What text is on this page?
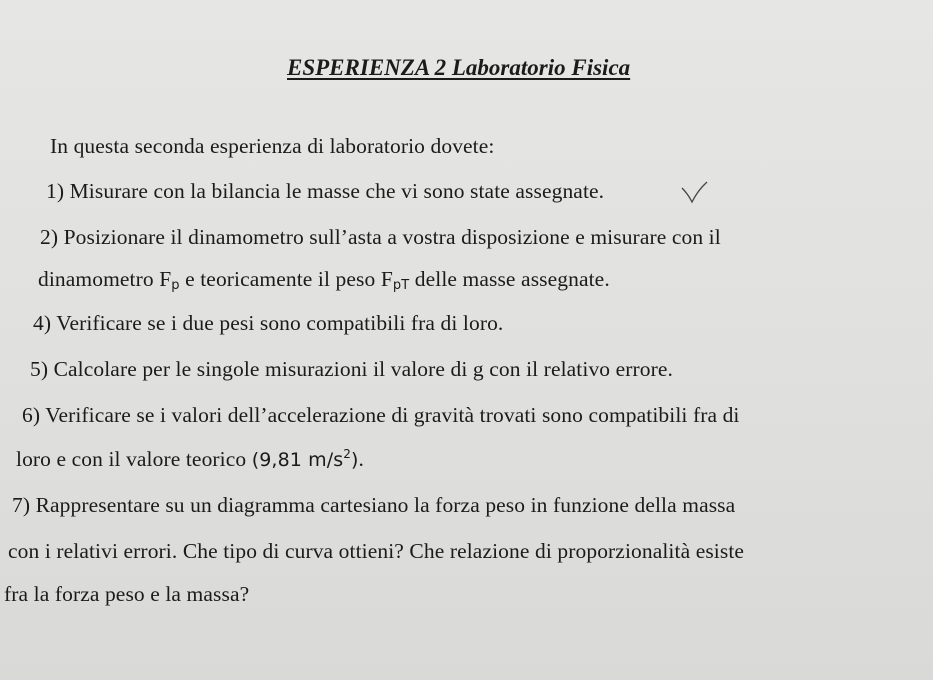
ESPERIENZA 2 Laboratorio Fisica
In questa seconda esperienza di laboratorio dovete:
1) Misurare con la bilancia le masse che vi sono state assegnate.
2) Posizionare il dinamometro sull’asta a vostra disposizione e misurare con il
dinamometro $F_p$ e teoricamente il peso $F_{pT}$ delle masse assegnate.
4) Verificare se i due pesi sono compatibili fra di loro.
5) Calcolare per le singole misurazioni il valore di g con il relativo errore.
6) Verificare se i valori dell’accelerazione di gravità trovati sono compatibili fra di
loro e con il valore teorico (9,81 $m/s^2$).
7) Rappresentare su un diagramma cartesiano la forza peso in funzione della massa
con i relativi errori. Che tipo di curva ottieni? Che relazione di proporzionalità esiste
fra la forza peso e la massa?
